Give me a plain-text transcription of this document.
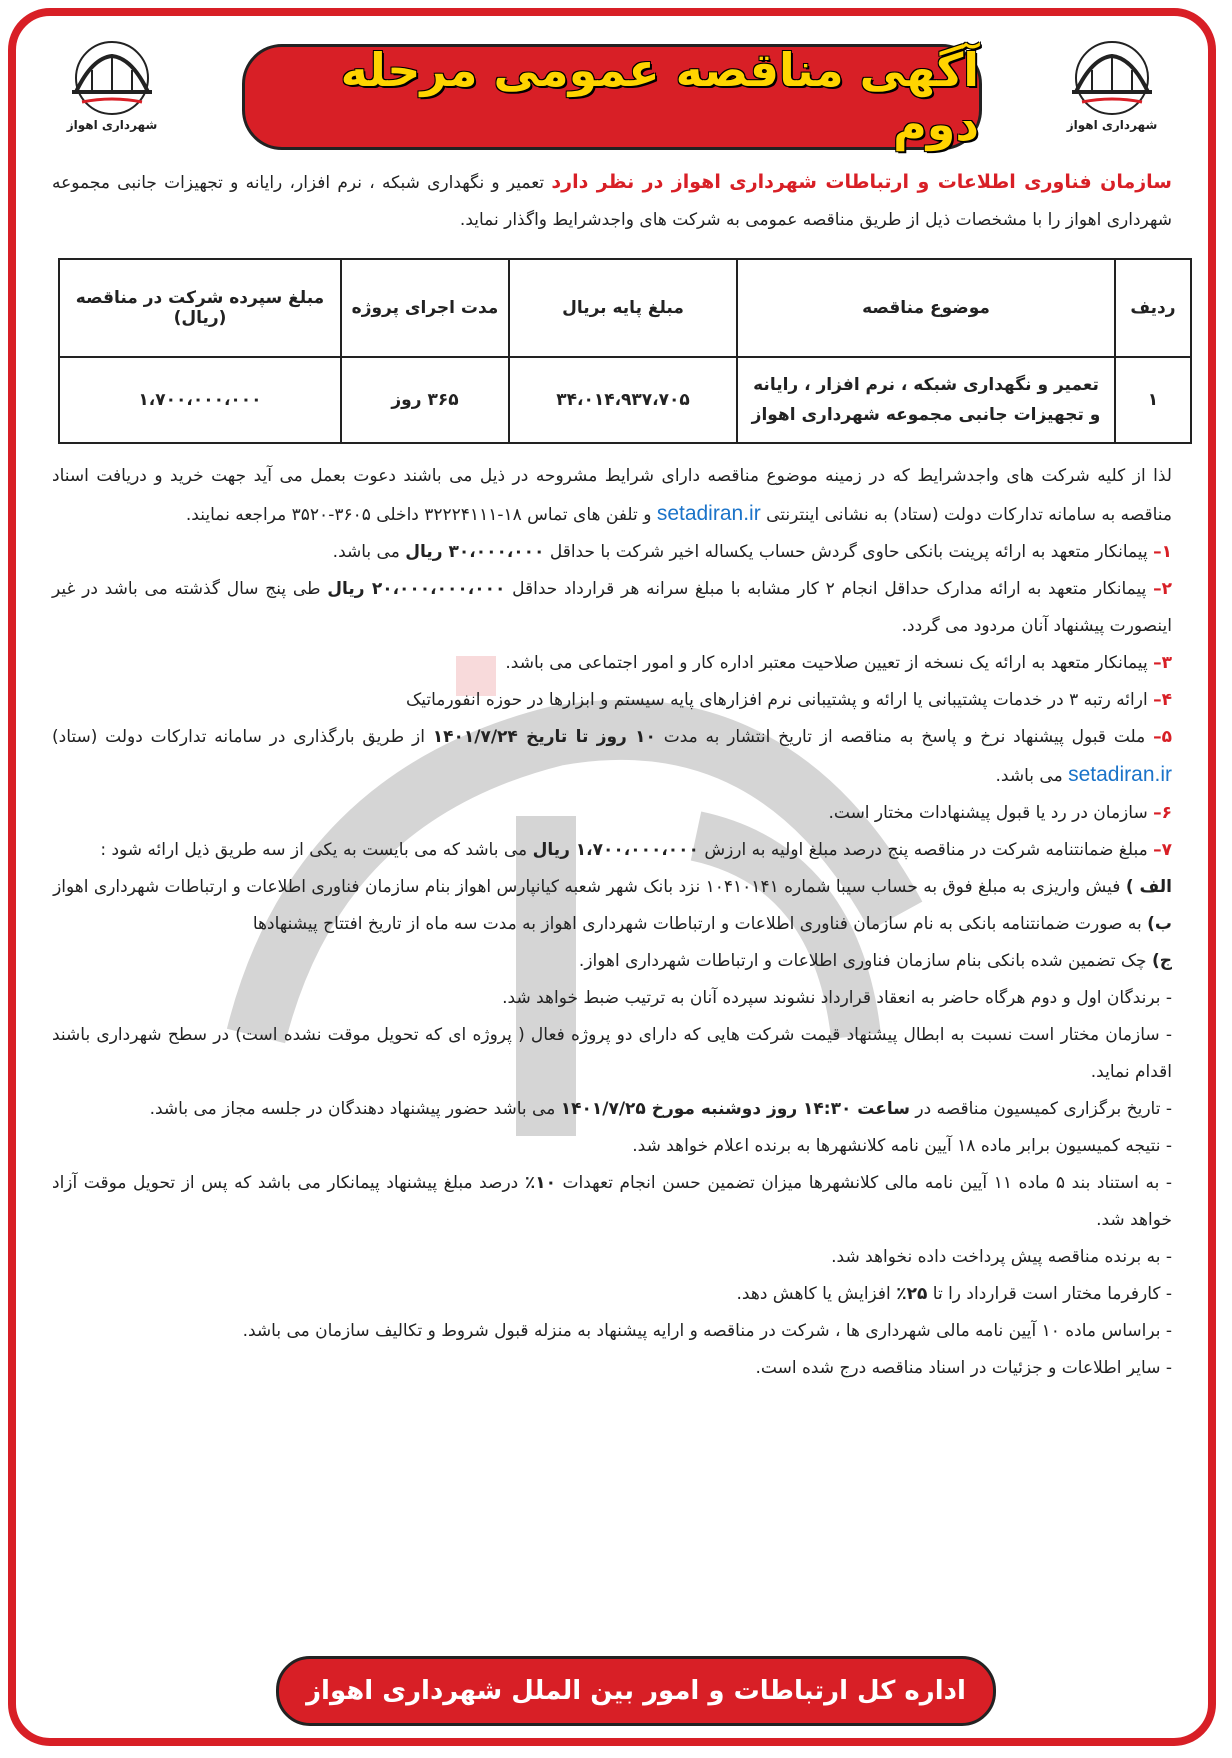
شهرداری اهواز	شهرداری اهواز
آگهی مناقصه عمومی مرحله دوم
سازمان فناوری اطلاعات و ارتباطات شهرداری اهواز در نظر دارد تعمیر و نگهداری شبکه ، نرم افزار، رایانه و تجهیزات جانبی مجموعه شهرداری اهواز را با مشخصات ذیل از طریق مناقصه عمومی به شرکت های واجدشرایط واگذار نماید.
ردیف	موضوع مناقصه	مبلغ پایه بریال	مدت اجرای پروژه	مبلغ سپرده شرکت در مناقصه (ریال)
۱	تعمیر و نگهداری شبکه ، نرم افزار ، رایانه و تجهیزات جانبی مجموعه شهرداری اهواز	۳۴،۰۱۴،۹۳۷،۷۰۵	۳۶۵ روز	۱،۷۰۰،۰۰۰،۰۰۰

لذا از کلیه شرکت های واجدشرایط که در زمینه موضوع مناقصه دارای شرایط مشروحه در ذیل می باشند دعوت بعمل می آید جهت خرید و دریافت اسناد مناقصه به سامانه تدارکات دولت (ستاد) به نشانی اینترنتی setadiran.ir و تلفن های تماس ۱۸-۳۲۲۲۴۱۱۱ داخلی ۳۶۰۵-۳۵۲۰ مراجعه نمایند.

۱– پیمانکار متعهد به ارائه پرینت بانکی حاوی گردش حساب یکساله اخیر شرکت با حداقل ۳۰،۰۰۰،۰۰۰ ریال می باشد.

۲– پیمانکار متعهد به ارائه مدارک حداقل انجام ۲ کار مشابه با مبلغ سرانه هر قرارداد حداقل ۲۰،۰۰۰،۰۰۰،۰۰۰ ریال طی پنج سال گذشته می باشد در غیر اینصورت پیشنهاد آنان مردود می گردد.

۳– پیمانکار متعهد به ارائه یک نسخه از تعیین صلاحیت معتبر اداره کار و امور اجتماعی می باشد.

۴– ارائه رتبه ۳ در خدمات پشتیبانی یا ارائه و پشتیبانی نرم افزارهای پایه سیستم و ابزارها در حوزه انفورماتیک

۵– ملت قبول پیشنهاد نرخ و پاسخ به مناقصه از تاریخ انتشار به مدت ۱۰ روز تا تاریخ ۱۴۰۱/۷/۲۴ از طریق بارگذاری در سامانه تدارکات دولت (ستاد) setadiran.ir می باشد.

۶– سازمان در رد یا قبول پیشنهادات مختار است.

۷– مبلغ ضمانتنامه شرکت در مناقصه پنج درصد مبلغ اولیه به ارزش ۱،۷۰۰،۰۰۰،۰۰۰ ریال می باشد که می بایست به یکی از سه طریق ذیل ارائه شود :

الف ) فیش واریزی به مبلغ فوق به حساب سیبا شماره ۱۰۴۱۰۱۴۱ نزد بانک شهر شعبه کیانپارس اهواز بنام سازمان فناوری اطلاعات و ارتباطات شهرداری اهواز

ب) به صورت ضمانتنامه بانکی به نام سازمان فناوری اطلاعات و ارتباطات شهرداری اهواز به مدت سه ماه از تاریخ افتتاح پیشنهادها

ج) چک تضمین شده بانکی بنام سازمان فناوری اطلاعات و ارتباطات شهرداری اهواز.

- برندگان اول و دوم هرگاه حاضر به انعقاد قرارداد نشوند سپرده آنان به ترتیب ضبط خواهد شد.

- سازمان مختار است نسبت به ابطال پیشنهاد قیمت شرکت هایی که دارای دو پروژه فعال ( پروژه ای که تحویل موقت نشده است) در سطح شهرداری باشند اقدام نماید.

- تاریخ برگزاری کمیسیون مناقصه در ساعت ۱۴:۳۰ روز دوشنبه مورخ ۱۴۰۱/۷/۲۵ می باشد حضور پیشنهاد دهندگان در جلسه مجاز می باشد.

- نتیجه کمیسیون برابر ماده ۱۸ آیین نامه کلانشهرها به برنده اعلام خواهد شد.

- به استناد بند ۵ ماده ۱۱ آیین نامه مالی کلانشهرها میزان تضمین حسن انجام تعهدات ۱۰٪ درصد مبلغ پیشنهاد پیمانکار می باشد که پس از تحویل موقت آزاد خواهد شد.

- به برنده مناقصه پیش پرداخت داده نخواهد شد.

- کارفرما مختار است قرارداد را تا ۲۵٪ افزایش یا کاهش دهد.

- براساس ماده ۱۰ آیین نامه مالی شهرداری ها ، شرکت در مناقصه و ارایه پیشنهاد به منزله قبول شروط و تکالیف سازمان می باشد.

- سایر اطلاعات و جزئیات در اسناد مناقصه درج شده است.

اداره کل ارتباطات و امور بین الملل شهرداری اهواز
